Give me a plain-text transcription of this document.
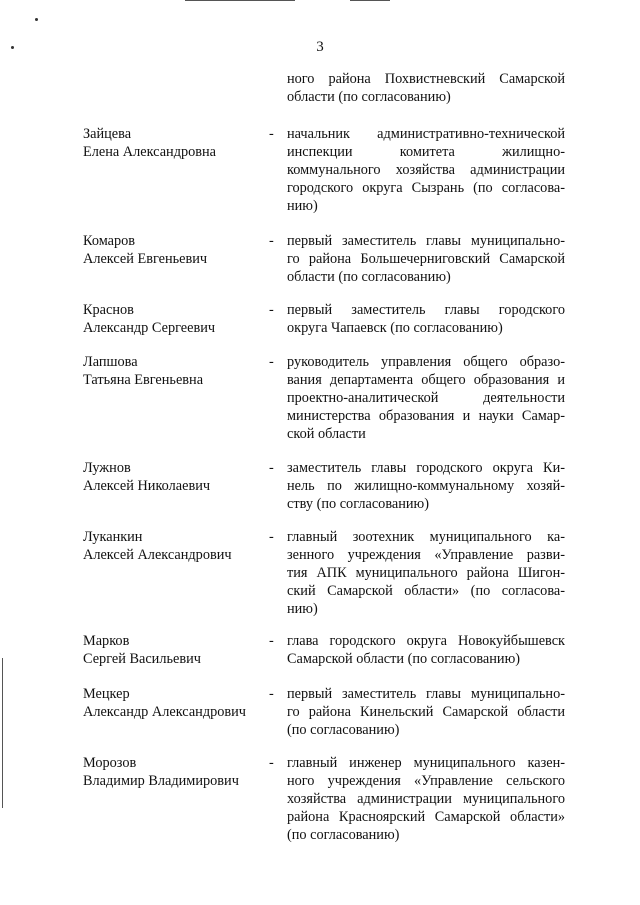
3
ного района Похвистневский Самарской
области (по согласованию)
Зайцева
Елена Александровна
- начальник административно-технической
инспекции комитета жилищно-
коммунального хозяйства администрации
городского округа Сызрань (по согласова-
нию)
Комаров
Алексей Евгеньевич
- первый заместитель главы муниципально-
го района Большечерниговский Самарской
области (по согласованию)
Краснов
Александр Сергеевич
- первый заместитель главы городского
округа Чапаевск (по согласованию)
Лапшова
Татьяна Евгеньевна
- руководитель управления общего образо-
вания департамента общего образования и
проектно-аналитической деятельности
министерства образования и науки Самар-
ской области
Лужнов
Алексей Николаевич
- заместитель главы городского округа Ки-
нель по жилищно-коммунальному хозяй-
ству (по согласованию)
Луканкин
Алексей Александрович
- главный зоотехник муниципального ка-
зенного учреждения «Управление разви-
тия АПК муниципального района Шигон-
ский Самарской области» (по согласова-
нию)
Марков
Сергей Васильевич
- глава городского округа Новокуйбышевск
Самарской области (по согласованию)
Мецкер
Александр Александрович
- первый заместитель главы муниципально-
го района Кинельский Самарской области
(по согласованию)
Морозов
Владимир Владимирович
- главный инженер муниципального казен-
ного учреждения «Управление сельского
хозяйства администрации муниципального
района Красноярский Самарской области»
(по согласованию)
